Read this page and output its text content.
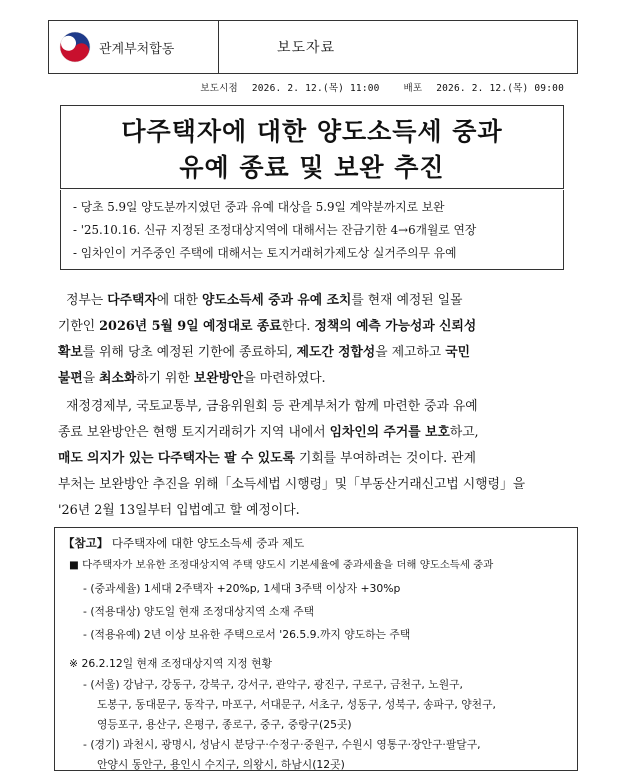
관계부처합동	보도자료
보도시점 2026. 2. 12.(목) 11:00	배포 2026. 2. 12.(목) 09:00
다주택자에 대한 양도소득세 중과
유예 종료 및 보완 추진
- 당초 5.9일 양도분까지였던 중과 유예 대상을 5.9일 계약분까지로 보완
- '25.10.16. 신규 지정된 조정대상지역에 대해서는 잔금기한 4→6개월로 연장
- 임차인이 거주중인 주택에 대해서는 토지거래허가제도상 실거주의무 유예
정부는 다주택자에 대한 양도소득세 중과 유예 조치를 현재 예정된 일몰
기한인 2026년 5월 9일 예정대로 종료한다. 정책의 예측 가능성과 신뢰성
확보를 위해 당초 예정된 기한에 종료하되, 제도간 정합성을 제고하고 국민
불편을 최소화하기 위한 보완방안을 마련하였다.
재정경제부, 국토교통부, 금융위원회 등 관계부처가 함께 마련한 중과 유예
종료 보완방안은 현행 토지거래허가 지역 내에서 임차인의 주거를 보호하고,
매도 의지가 있는 다주택자는 팔 수 있도록 기회를 부여하려는 것이다. 관계
부처는 보완방안 추진을 위해「소득세법 시행령」및「부동산거래신고법 시행령」을
'26년 2월 13일부터 입법예고 할 예정이다.
【참고】 다주택자에 대한 양도소득세 중과 제도
■ 다주택자가 보유한 조정대상지역 주택 양도시 기본세율에 중과세율을 더해 양도소득세 중과
- (중과세율) 1세대 2주택자 +20%p, 1세대 3주택 이상자 +30%p
- (적용대상) 양도일 현재 조정대상지역 소재 주택
- (적용유예) 2년 이상 보유한 주택으로서 '26.5.9.까지 양도하는 주택
※ 26.2.12일 현재 조정대상지역 지정 현황
- (서울) 강남구, 강동구, 강북구, 강서구, 관악구, 광진구, 구로구, 금천구, 노원구,
도봉구, 동대문구, 동작구, 마포구, 서대문구, 서초구, 성동구, 성북구, 송파구, 양천구,
영등포구, 용산구, 은평구, 종로구, 중구, 중랑구(25곳)
- (경기) 과천시, 광명시, 성남시 분당구·수정구·중원구, 수원시 영통구·장안구·팔달구,
안양시 동안구, 용인시 수지구, 의왕시, 하남시(12곳)
